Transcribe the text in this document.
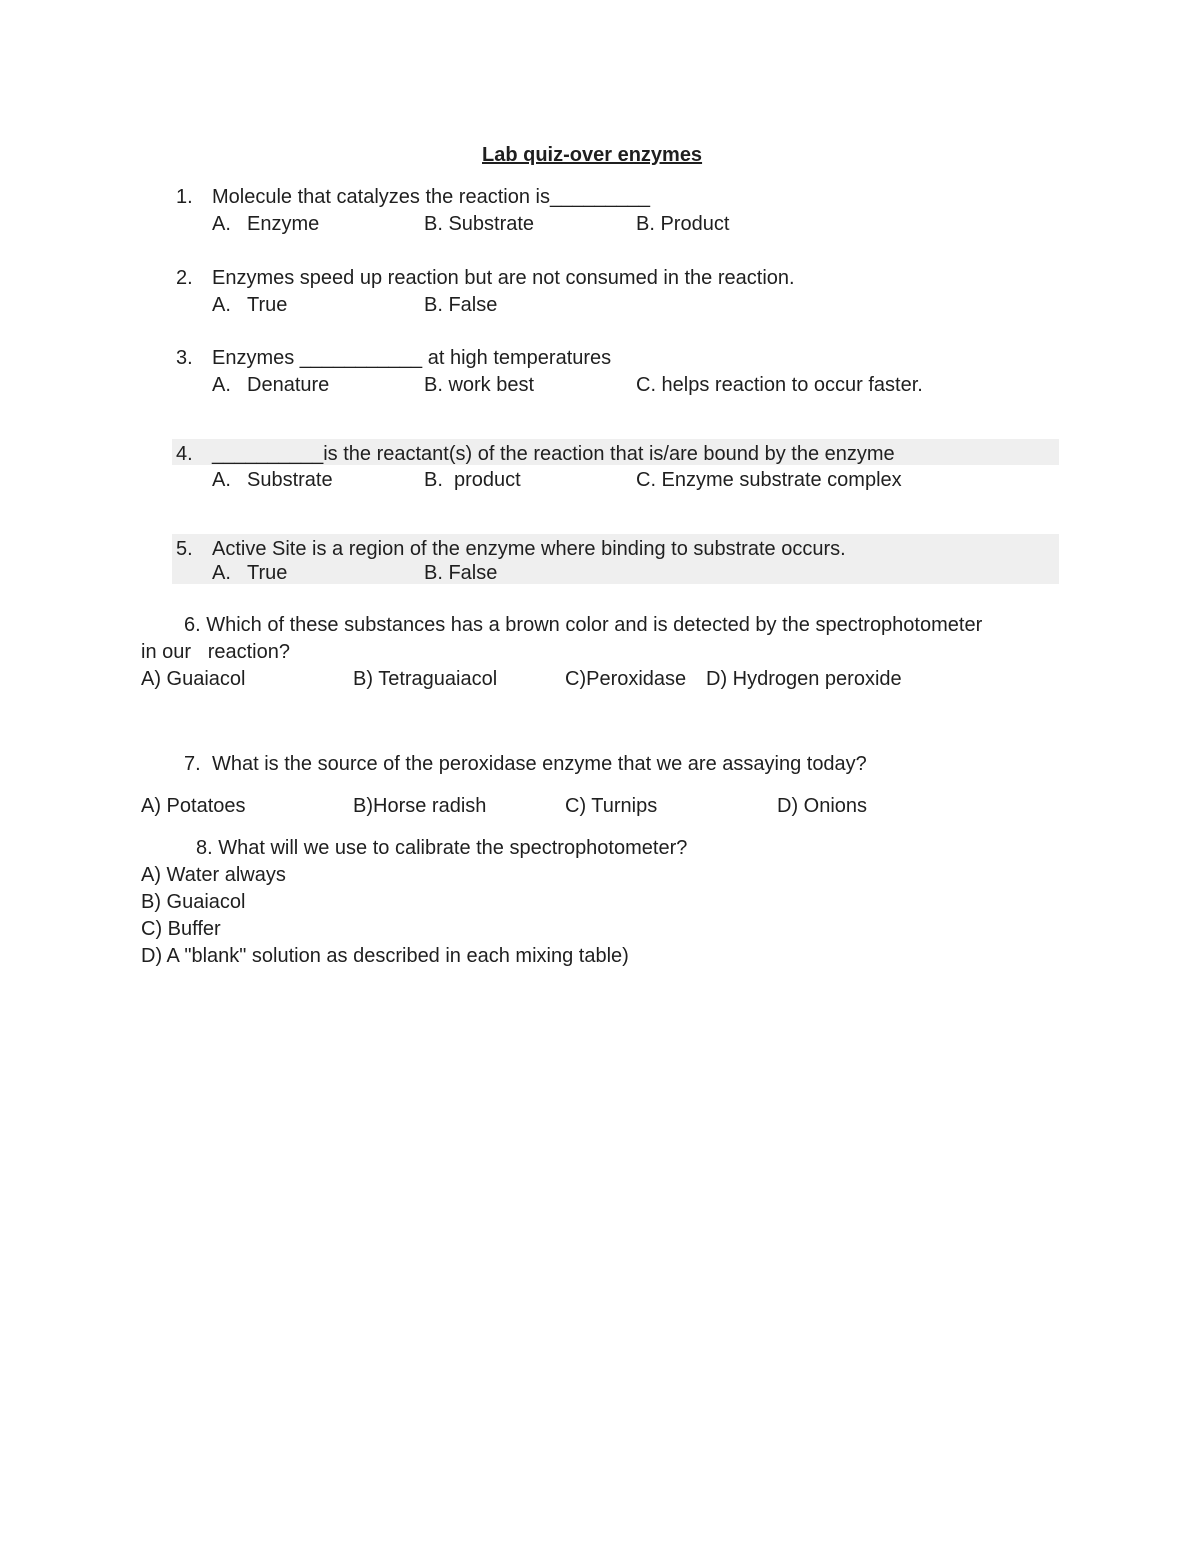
Lab quiz-over enzymes
1. Molecule that catalyzes the reaction is_________
A. Enzyme	B. Substrate	B. Product
2. Enzymes speed up reaction but are not consumed in the reaction.
A. True	B. False
3. Enzymes ___________ at high temperatures
A. Denature	B. work best	C. helps reaction to occur faster.
4. __________is the reactant(s) of the reaction that is/are bound by the enzyme
A. Substrate	B.  product	C. Enzyme substrate complex
5. Active Site is a region of the enzyme where binding to substrate occurs.
A. True	B. False
6. Which of these substances has a brown color and is detected by the spectrophotometer
in our   reaction?
A) Guaiacol	B) Tetraguaiacol	C)Peroxidase D) Hydrogen peroxide
7. What is the source of the peroxidase enzyme that we are assaying today?
A) Potatoes	B)Horse radish	C) Turnips	D) Onions
8. What will we use to calibrate the spectrophotometer?
A) Water always
B) Guaiacol
C) Buffer
D) A "blank" solution as described in each mixing table)
